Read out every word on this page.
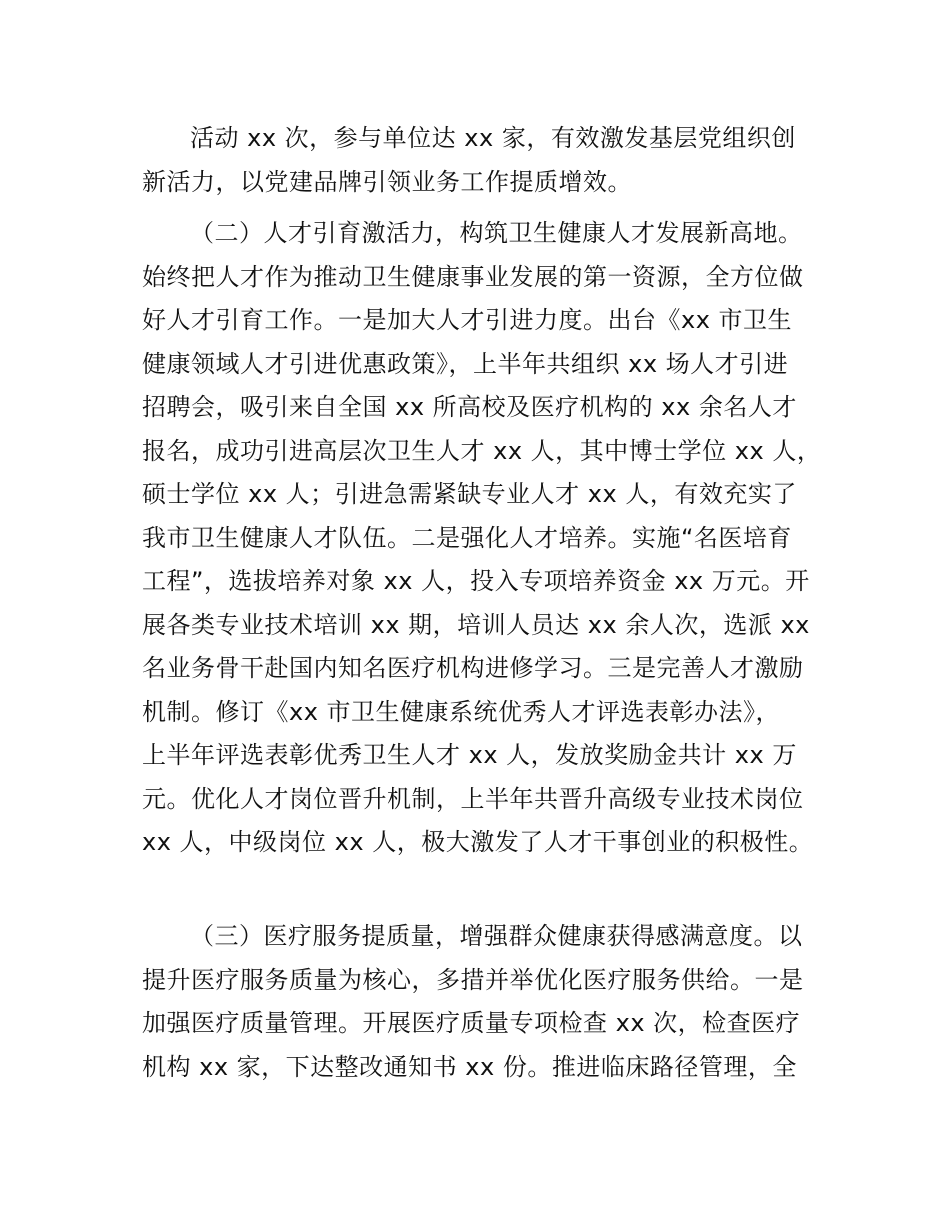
活动 xx 次，参与单位达 xx 家，有效激发基层党组织创
新活力，以党建品牌引领业务工作提质增效。
（二）人才引育激活力，构筑卫生健康人才发展新高地。
始终把人才作为推动卫生健康事业发展的第一资源，全方位做
好人才引育工作。一是加大人才引进力度。出台《xx 市卫生
健康领域人才引进优惠政策》，上半年共组织 xx 场人才引进
招聘会，吸引来自全国 xx 所高校及医疗机构的 xx 余名人才
报名，成功引进高层次卫生人才 xx 人，其中博士学位 xx 人，
硕士学位 xx 人；引进急需紧缺专业人才 xx 人，有效充实了
我市卫生健康人才队伍。二是强化人才培养。实施“名医培育
工程”，选拔培养对象 xx 人，投入专项培养资金 xx 万元。开
展各类专业技术培训 xx 期，培训人员达 xx 余人次，选派 xx
名业务骨干赴国内知名医疗机构进修学习。三是完善人才激励
机制。修订《xx 市卫生健康系统优秀人才评选表彰办法》，
上半年评选表彰优秀卫生人才 xx 人，发放奖励金共计 xx 万
元。优化人才岗位晋升机制，上半年共晋升高级专业技术岗位
xx 人，中级岗位 xx 人，极大激发了人才干事创业的积极性。
（三）医疗服务提质量，增强群众健康获得感满意度。以
提升医疗服务质量为核心，多措并举优化医疗服务供给。一是
加强医疗质量管理。开展医疗质量专项检查 xx 次，检查医疗
机构 xx 家，下达整改通知书 xx 份。推进临床路径管理，全
